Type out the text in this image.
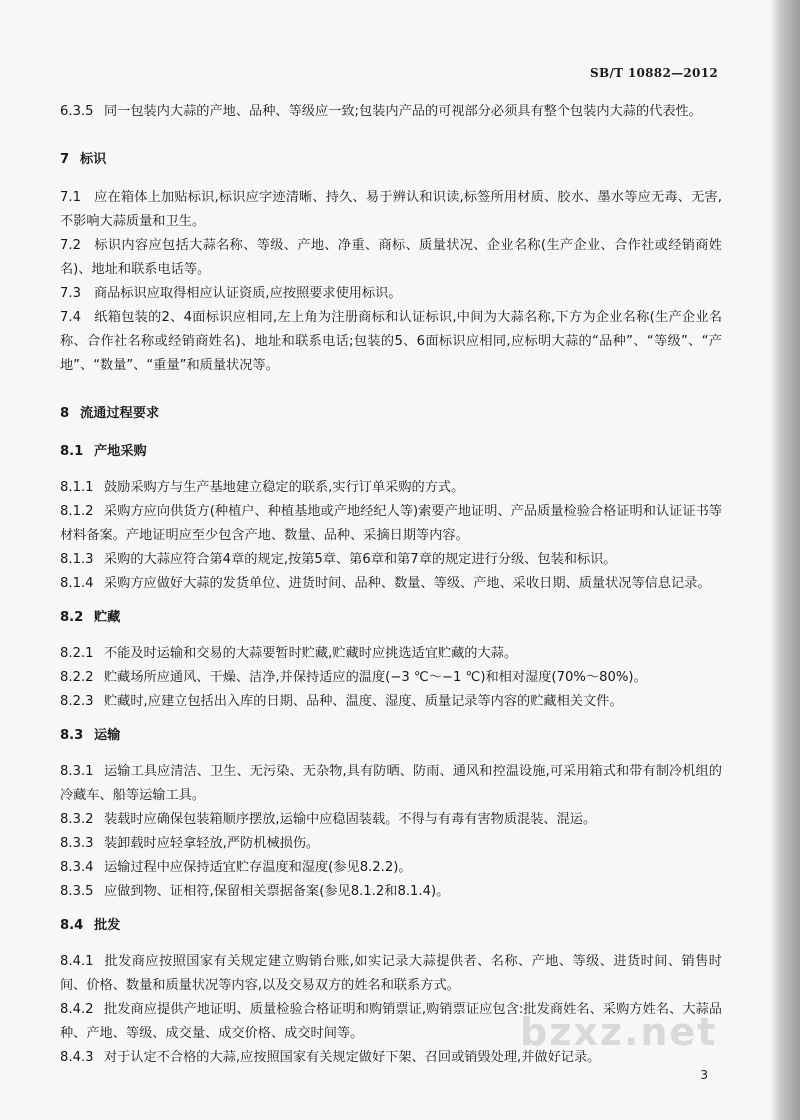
SB/T 10882—2012

6.3.5 同一包装内大蒜的产地、品种、等级应一致;包装内产品的可视部分必须具有整个包装内大蒜的代表性。

7 标识

7.1 应在箱体上加贴标识,标识应字迹清晰、持久、易于辨认和识读,标签所用材质、胶水、墨水等应无毒、无害,不影响大蒜质量和卫生。

7.2 标识内容应包括大蒜名称、等级、产地、净重、商标、质量状况、企业名称(生产企业、合作社或经销商姓名)、地址和联系电话等。

7.3 商品标识应取得相应认证资质,应按照要求使用标识。

7.4 纸箱包装的2、4面标识应相同,左上角为注册商标和认证标识,中间为大蒜名称,下方为企业名称(生产企业名称、合作社名称或经销商姓名)、地址和联系电话;包装的5、6面标识应相同,应标明大蒜的“品种”、“等级”、“产地”、“数量”、“重量”和质量状况等。

8 流通过程要求

8.1 产地采购

8.1.1 鼓励采购方与生产基地建立稳定的联系,实行订单采购的方式。

8.1.2 采购方应向供货方(种植户、种植基地或产地经纪人等)索要产地证明、产品质量检验合格证明和认证证书等材料备案。产地证明应至少包含产地、数量、品种、采摘日期等内容。

8.1.3 采购的大蒜应符合第4章的规定,按第5章、第6章和第7章的规定进行分级、包装和标识。

8.1.4 采购方应做好大蒜的发货单位、进货时间、品种、数量、等级、产地、采收日期、质量状况等信息记录。

8.2 贮藏

8.2.1 不能及时运输和交易的大蒜要暂时贮藏,贮藏时应挑选适宜贮藏的大蒜。

8.2.2 贮藏场所应通风、干燥、洁净,并保持适应的温度(−3 ℃～−1 ℃)和相对湿度(70%～80%)。

8.2.3 贮藏时,应建立包括出入库的日期、品种、温度、湿度、质量记录等内容的贮藏相关文件。

8.3 运输

8.3.1 运输工具应清洁、卫生、无污染、无杂物,具有防晒、防雨、通风和控温设施,可采用箱式和带有制冷机组的冷藏车、船等运输工具。

8.3.2 装载时应确保包装箱顺序摆放,运输中应稳固装载。不得与有毒有害物质混装、混运。

8.3.3 装卸载时应轻拿轻放,严防机械损伤。

8.3.4 运输过程中应保持适宜贮存温度和湿度(参见8.2.2)。

8.3.5 应做到物、证相符,保留相关票据备案(参见8.1.2和8.1.4)。

8.4 批发

8.4.1 批发商应按照国家有关规定建立购销台账,如实记录大蒜提供者、名称、产地、等级、进货时间、销售时间、价格、数量和质量状况等内容,以及交易双方的姓名和联系方式。

8.4.2 批发商应提供产地证明、质量检验合格证明和购销票证,购销票证应包含:批发商姓名、采购方姓名、大蒜品种、产地、等级、成交量、成交价格、成交时间等。

8.4.3 对于认定不合格的大蒜,应按照国家有关规定做好下架、召回或销毁处理,并做好记录。

bzxz.net
3
